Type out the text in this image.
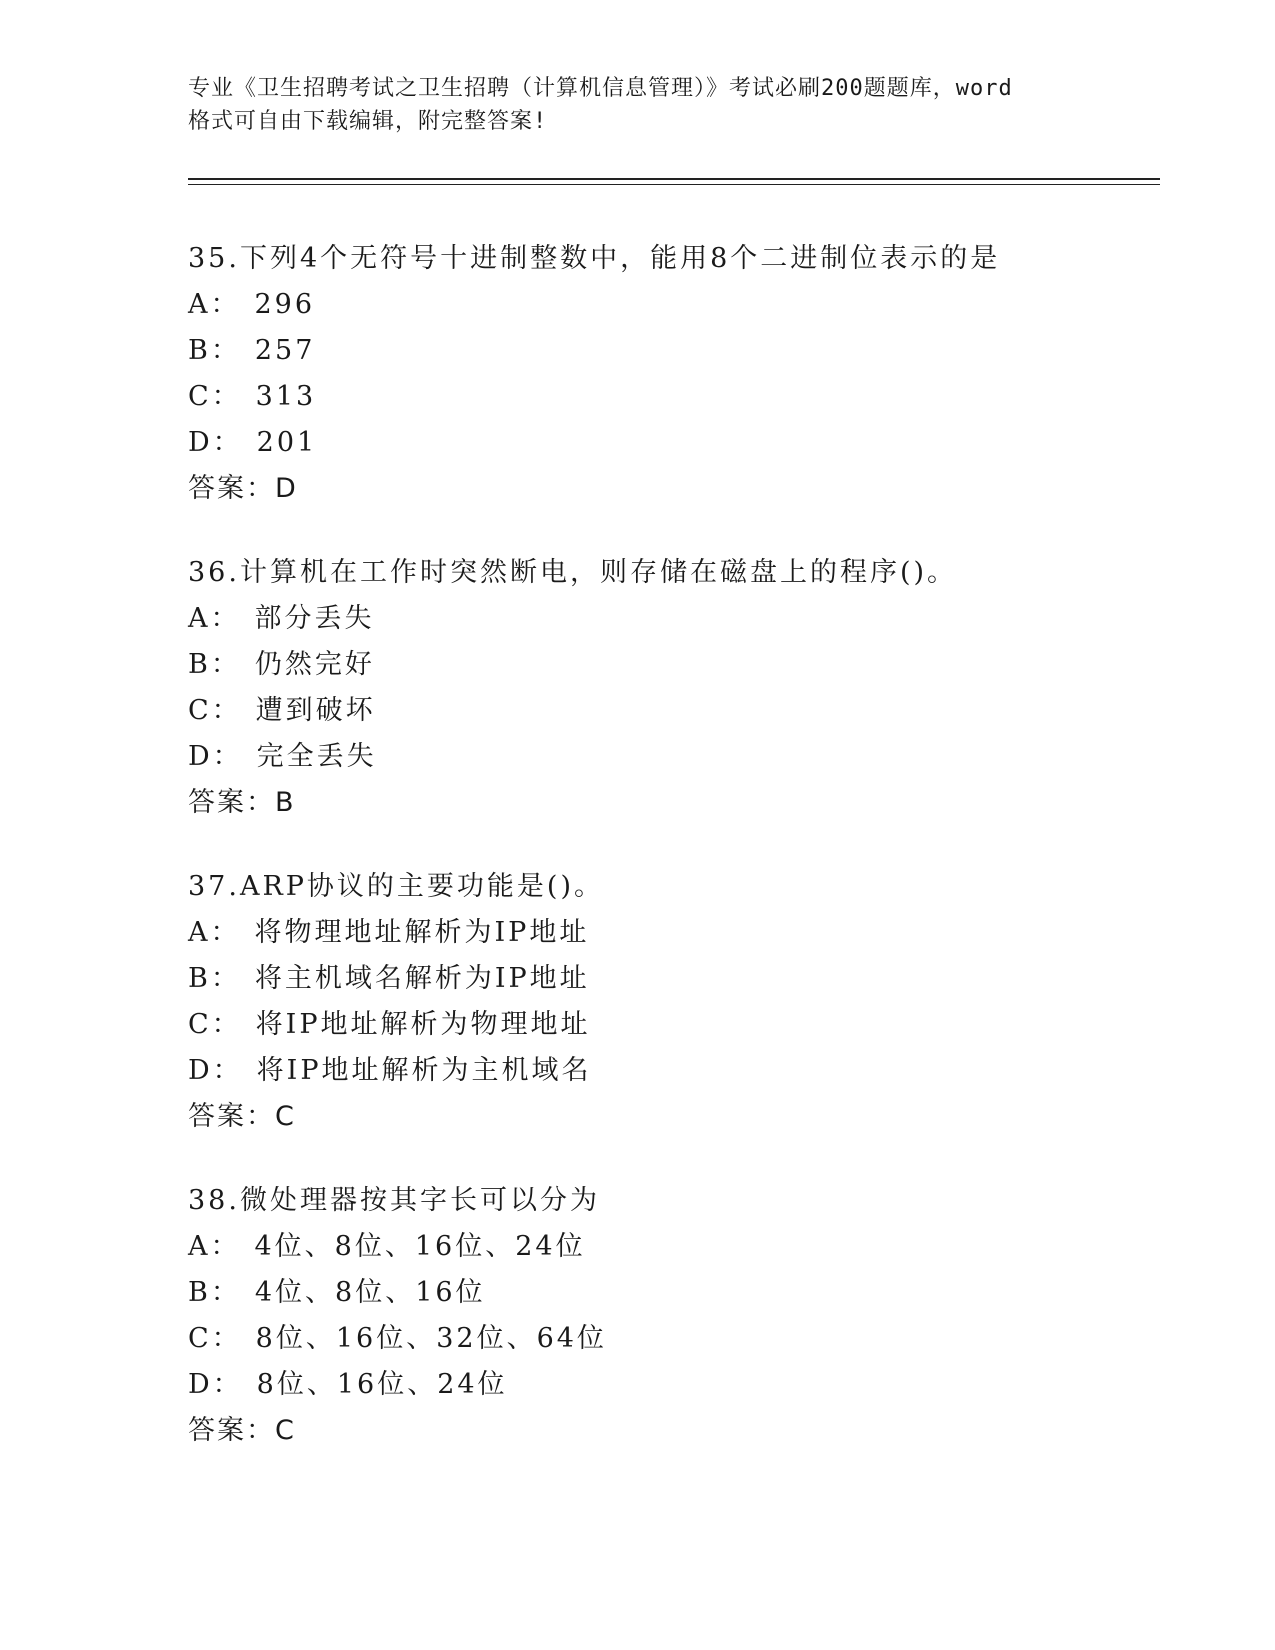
专业《卫生招聘考试之卫生招聘（计算机信息管理）》考试必刷200题题库，word
格式可自由下载编辑，附完整答案!
35.下列4个无符号十进制整数中，能用8个二进制位表示的是
A： 296
B： 257
C： 313
D： 201
答案：D
36.计算机在工作时突然断电，则存储在磁盘上的程序()。
A： 部分丢失
B： 仍然完好
C： 遭到破坏
D： 完全丢失
答案：B
37.ARP协议的主要功能是()。
A： 将物理地址解析为IP地址
B： 将主机域名解析为IP地址
C： 将IP地址解析为物理地址
D： 将IP地址解析为主机域名
答案：C
38.微处理器按其字长可以分为
A： 4位、8位、16位、24位
B： 4位、8位、16位
C： 8位、16位、32位、64位
D： 8位、16位、24位
答案：C
